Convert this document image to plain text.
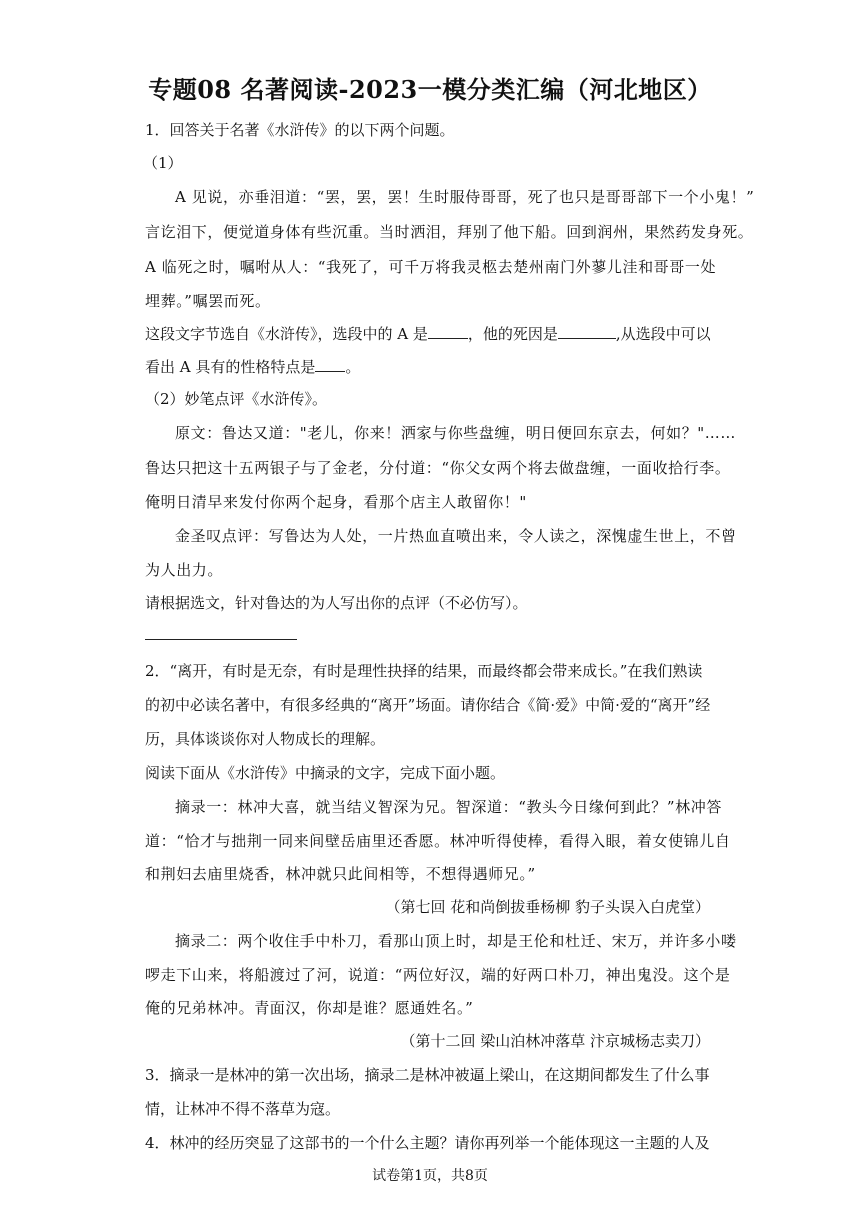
专题08 名著阅读-2023一模分类汇编（河北地区）
1．回答关于名著《水浒传》的以下两个问题。
（1）
A 见说，亦垂泪道：“罢，罢，罢！生时服侍哥哥，死了也只是哥哥部下一个小鬼！”
言讫泪下，便觉道身体有些沉重。当时洒泪，拜别了他下船。回到润州，果然药发身死。
A 临死之时，嘱咐从人：“我死了，可千万将我灵柩去楚州南门外蓼儿洼和哥哥一处
埋葬。”嘱罢而死。
这段文字节选自《水浒传》，选段中的 A 是	，他的死因是	,从选段中可以
看出 A 具有的性格特点是 。
（2）妙笔点评《水浒传》。
原文：鲁达又道："老儿，你来！洒家与你些盘缠，明日便回东京去，何如？"……
鲁达只把这十五两银子与了金老，分付道：“你父女两个将去做盘缠，一面收拾行李。
俺明日清早来发付你两个起身，看那个店主人敢留你！"
金圣叹点评：写鲁达为人处，一片热血直喷出来，令人读之，深愧虚生世上，不曾
为人出力。
请根据选文，针对鲁达的为人写出你的点评（不必仿写）。
2．“离开，有时是无奈，有时是理性抉择的结果，而最终都会带来成长。”在我们熟读
的初中必读名著中，有很多经典的“离开”场面。请你结合《简·爱》中简·爱的“离开”经
历，具体谈谈你对人物成长的理解。
阅读下面从《水浒传》中摘录的文字，完成下面小题。
摘录一：林冲大喜，就当结义智深为兄。智深道：“教头今日缘何到此？”林冲答
道：“恰才与拙荆一同来间壁岳庙里还香愿。林冲听得使棒，看得入眼，着女使锦儿自
和荆妇去庙里烧香，林冲就只此间相等，不想得遇师兄。”
（第七回 花和尚倒拔垂杨柳 豹子头误入白虎堂）
摘录二：两个收住手中朴刀，看那山顶上时，却是王伦和杜迁、宋万，并许多小喽
啰走下山来，将船渡过了河，说道：“两位好汉，端的好两口朴刀，神出鬼没。这个是
俺的兄弟林冲。青面汉，你却是谁？愿通姓名。”
（第十二回 梁山泊林冲落草 汴京城杨志卖刀）
3．摘录一是林冲的第一次出场，摘录二是林冲被逼上梁山，在这期间都发生了什么事
情，让林冲不得不落草为寇。
4．林冲的经历突显了这部书的一个什么主题？请你再列举一个能体现这一主题的人及
试卷第1页，共8页
